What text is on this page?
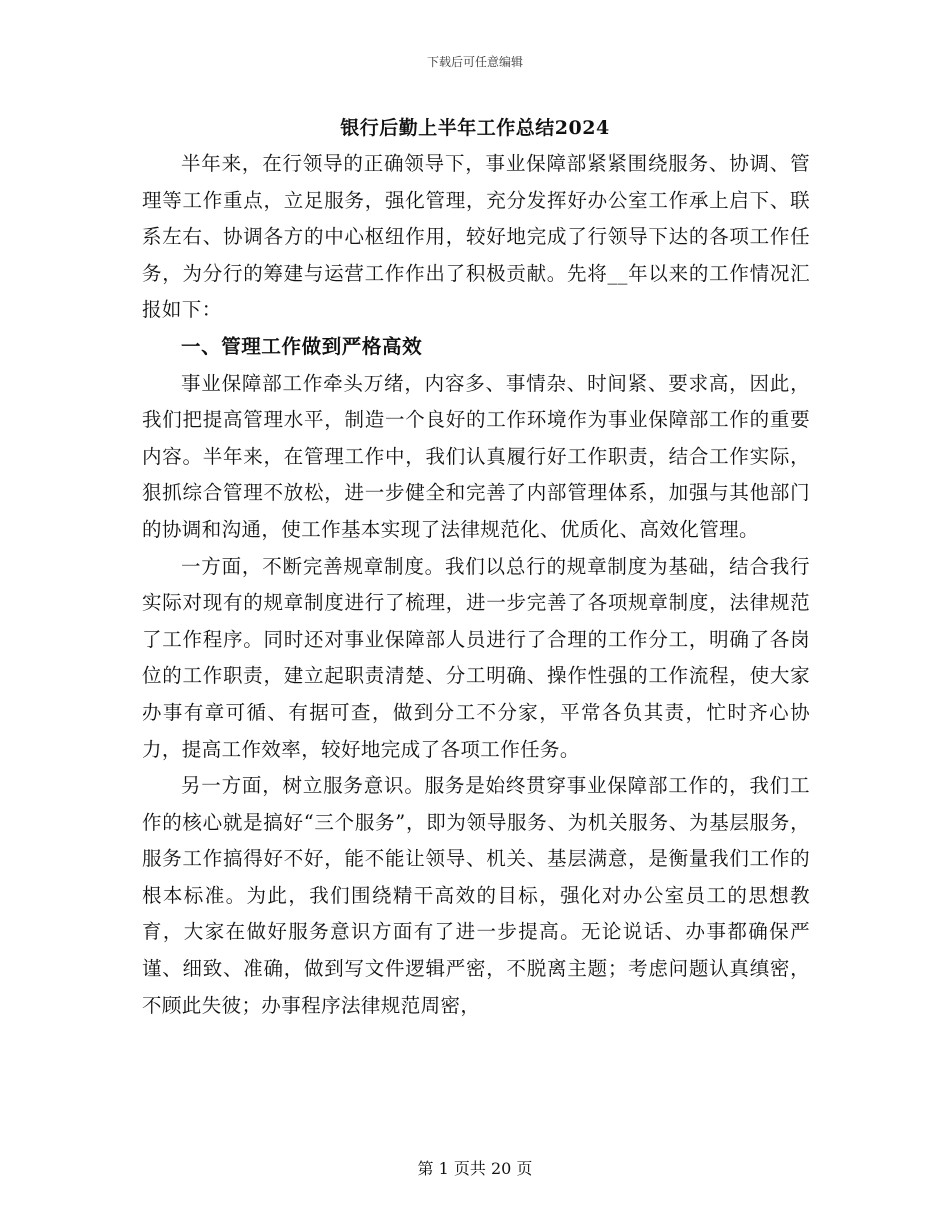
下载后可任意编辑
银行后勤上半年工作总结2024

半年来，在行领导的正确领导下，事业保障部紧紧围绕服务、协调、管理等工作重点，立足服务，强化管理，充分发挥好办公室工作承上启下、联系左右、协调各方的中心枢纽作用，较好地完成了行领导下达的各项工作任务，为分行的筹建与运营工作作出了积极贡献。先将__年以来的工作情况汇报如下：

一、管理工作做到严格高效

事业保障部工作牵头万绪，内容多、事情杂、时间紧、要求高，因此，我们把提高管理水平，制造一个良好的工作环境作为事业保障部工作的重要内容。半年来，在管理工作中，我们认真履行好工作职责，结合工作实际，狠抓综合管理不放松，进一步健全和完善了内部管理体系，加强与其他部门的协调和沟通，使工作基本实现了法律规范化、优质化、高效化管理。

一方面，不断完善规章制度。我们以总行的规章制度为基础，结合我行实际对现有的规章制度进行了梳理，进一步完善了各项规章制度，法律规范了工作程序。同时还对事业保障部人员进行了合理的工作分工，明确了各岗位的工作职责，建立起职责清楚、分工明确、操作性强的工作流程，使大家办事有章可循、有据可查，做到分工不分家，平常各负其责，忙时齐心协力，提高工作效率，较好地完成了各项工作任务。

另一方面，树立服务意识。服务是始终贯穿事业保障部工作的，我们工作的核心就是搞好“三个服务”，即为领导服务、为机关服务、为基层服务，服务工作搞得好不好，能不能让领导、机关、基层满意，是衡量我们工作的根本标准。为此，我们围绕精干高效的目标，强化对办公室员工的思想教育，大家在做好服务意识方面有了进一步提高。无论说话、办事都确保严谨、细致、准确，做到写文件逻辑严密，不脱离主题；考虑问题认真缜密，不顾此失彼；办事程序法律规范周密，

第 1 页共 20 页
